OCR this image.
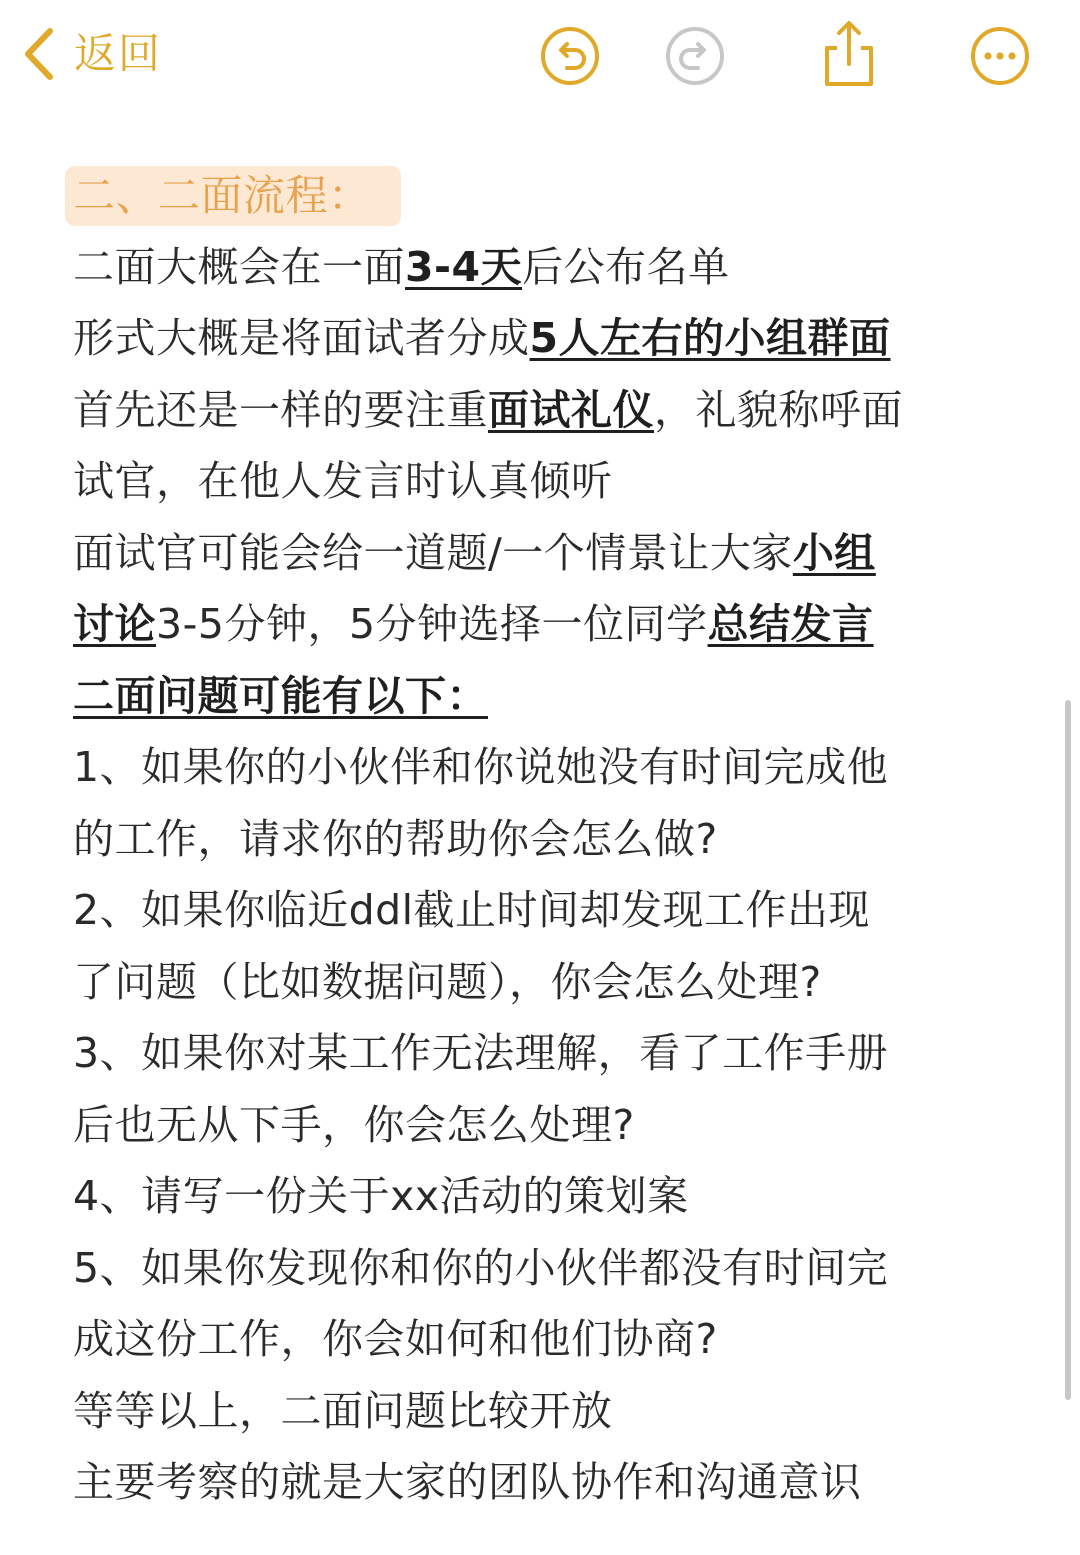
返回
二、二面流程：
二面大概会在一面3-4天后公布名单
形式大概是将面试者分成5人左右的小组群面
首先还是一样的要注重面试礼仪，礼貌称呼面
试官，在他人发言时认真倾听
面试官可能会给一道题/一个情景让大家小组
讨论3-5分钟，5分钟选择一位同学总结发言
二面问题可能有以下：
1、如果你的小伙伴和你说她没有时间完成他
的工作，请求你的帮助你会怎么做?
2、如果你临近ddl截止时间却发现工作出现
了问题（比如数据问题），你会怎么处理?
3、如果你对某工作无法理解，看了工作手册
后也无从下手，你会怎么处理?
4、请写一份关于xx活动的策划案
5、如果你发现你和你的小伙伴都没有时间完
成这份工作，你会如何和他们协商?
等等以上，二面问题比较开放
主要考察的就是大家的团队协作和沟通意识
